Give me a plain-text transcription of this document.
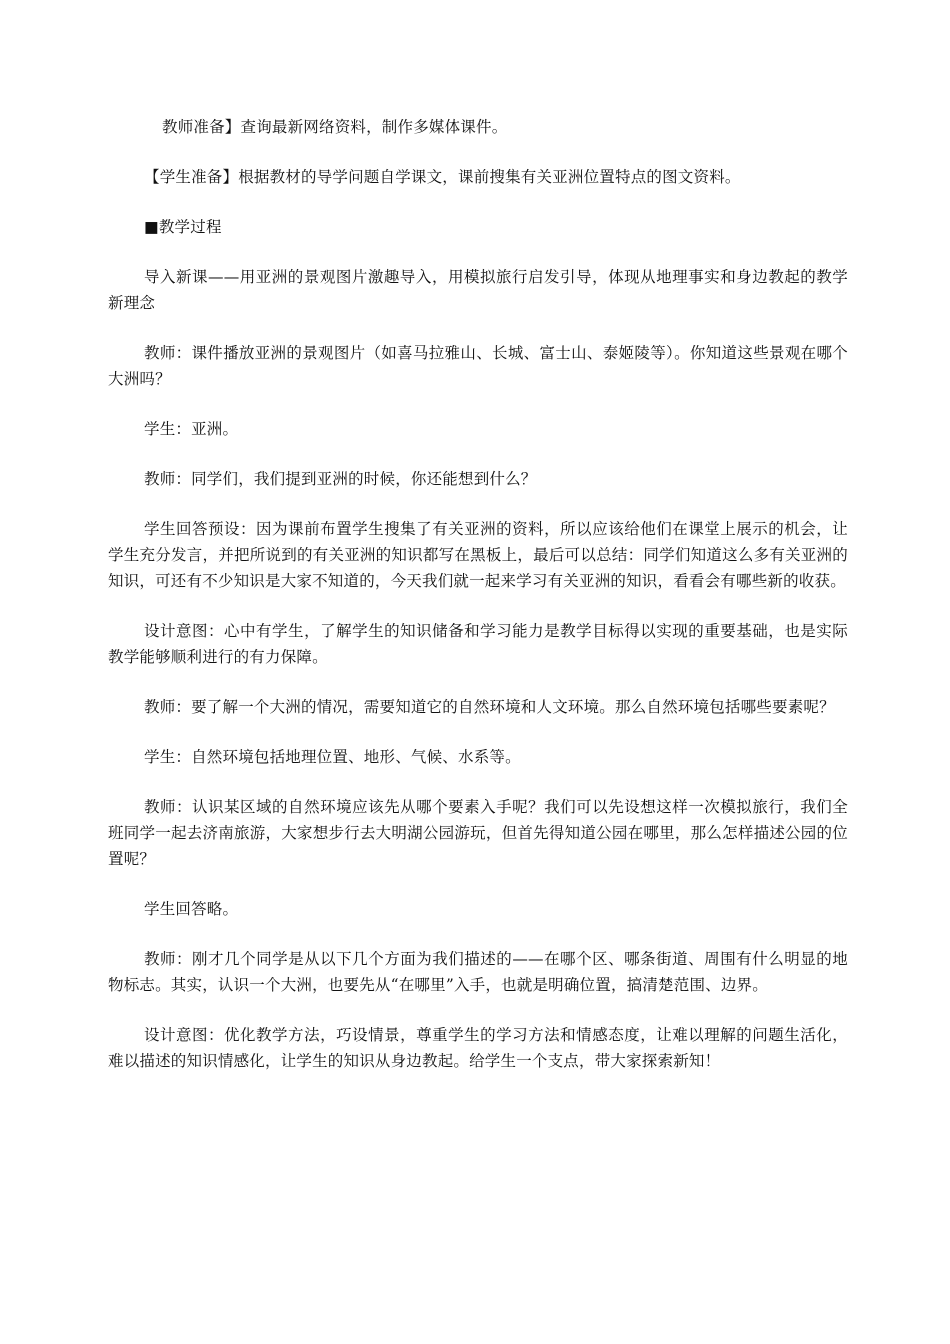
教师准备】查询最新网络资料，制作多媒体课件。

【学生准备】根据教材的导学问题自学课文，课前搜集有关亚洲位置特点的图文资料。

■教学过程

导入新课——用亚洲的景观图片激趣导入，用模拟旅行启发引导，体现从地理事实和身边教起的教学新理念

教师：课件播放亚洲的景观图片（如喜马拉雅山、长城、富士山、泰姬陵等）。你知道这些景观在哪个大洲吗？

学生：亚洲。

教师：同学们，我们提到亚洲的时候，你还能想到什么？

学生回答预设：因为课前布置学生搜集了有关亚洲的资料，所以应该给他们在课堂上展示的机会，让学生充分发言，并把所说到的有关亚洲的知识都写在黑板上，最后可以总结：同学们知道这么多有关亚洲的知识，可还有不少知识是大家不知道的，今天我们就一起来学习有关亚洲的知识，看看会有哪些新的收获。

设计意图：心中有学生，了解学生的知识储备和学习能力是教学目标得以实现的重要基础，也是实际教学能够顺利进行的有力保障。

教师：要了解一个大洲的情况，需要知道它的自然环境和人文环境。那么自然环境包括哪些要素呢？

学生：自然环境包括地理位置、地形、气候、水系等。

教师：认识某区域的自然环境应该先从哪个要素入手呢？我们可以先设想这样一次模拟旅行，我们全班同学一起去济南旅游，大家想步行去大明湖公园游玩，但首先得知道公园在哪里，那么怎样描述公园的位置呢？

学生回答略。

教师：刚才几个同学是从以下几个方面为我们描述的——在哪个区、哪条街道、周围有什么明显的地物标志。其实，认识一个大洲，也要先从“在哪里”入手，也就是明确位置，搞清楚范围、边界。

设计意图：优化教学方法，巧设情景，尊重学生的学习方法和情感态度，让难以理解的问题生活化，难以描述的知识情感化，让学生的知识从身边教起。给学生一个支点，带大家探索新知！
